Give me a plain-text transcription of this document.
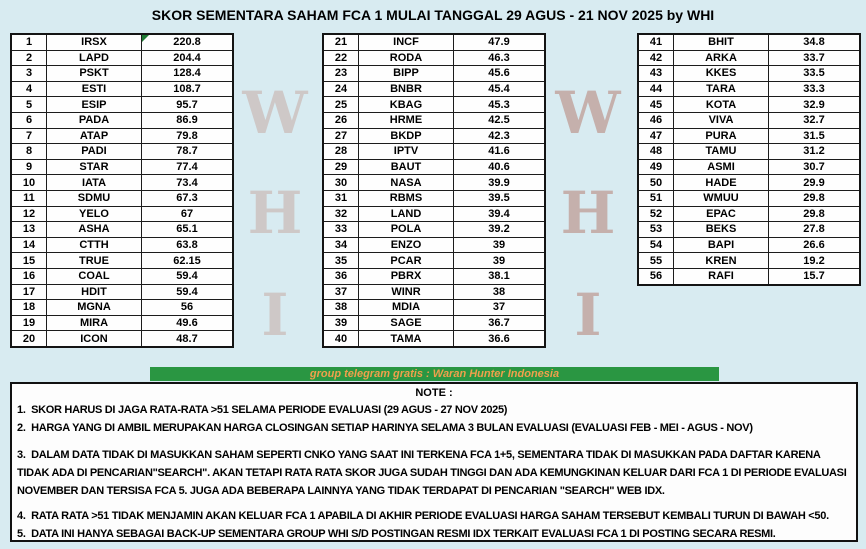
SKOR SEMENTARA SAHAM FCA 1 MULAI TANGGAL 29 AGUS - 21 NOV 2025 by WHI
W
H
I
W
H
I
1	IRSX	220.8

2	LAPD	204.4
3	PSKT	128.4
4	ESTI	108.7
5	ESIP	95.7
6	PADA	86.9
7	ATAP	79.8
8	PADI	78.7
9	STAR	77.4
10	IATA	73.4
11	SDMU	67.3
12	YELO	67
13	ASHA	65.1
14	CTTH	63.8
15	TRUE	62.15
16	COAL	59.4
17	HDIT	59.4
18	MGNA	56
19	MIRA	49.6
20	ICON	48.7
21	INCF	47.9
22	RODA	46.3
23	BIPP	45.6
24	BNBR	45.4
25	KBAG	45.3
26	HRME	42.5
27	BKDP	42.3
28	IPTV	41.6
29	BAUT	40.6
30	NASA	39.9
31	RBMS	39.5
32	LAND	39.4
33	POLA	39.2
34	ENZO	39
35	PCAR	39
36	PBRX	38.1
37	WINR	38
38	MDIA	37
39	SAGE	36.7
40	TAMA	36.6
41	BHIT	34.8
42	ARKA	33.7
43	KKES	33.5
44	TARA	33.3
45	KOTA	32.9
46	VIVA	32.7
47	PURA	31.5
48	TAMU	31.2
49	ASMI	30.7
50	HADE	29.9
51	WMUU	29.8
52	EPAC	29.8
53	BEKS	27.8
54	BAPI	26.6
55	KREN	19.2
56	RAFI	15.7
group telegram gratis : Waran Hunter Indonesia

NOTE :

1.  SKOR HARUS DI JAGA RATA-RATA >51 SELAMA PERIODE EVALUASI (29 AGUS - 27 NOV 2025)

2.  HARGA YANG DI AMBIL MERUPAKAN HARGA CLOSINGAN SETIAP HARINYA SELAMA 3 BULAN EVALUASI (EVALUASI FEB - MEI - AGUS - NOV)

3.  DALAM DATA TIDAK DI MASUKKAN SAHAM SEPERTI CNKO YANG SAAT INI TERKENA FCA 1+5, SEMENTARA TIDAK DI MASUKKAN PADA DAFTAR KARENA TIDAK ADA DI PENCARIAN"SEARCH". AKAN TETAPI RATA RATA SKOR JUGA SUDAH TINGGI DAN ADA KEMUNGKINAN KELUAR DARI FCA 1 DI PERIODE EVALUASI NOVEMBER DAN TERSISA FCA 5. JUGA ADA BEBERAPA LAINNYA YANG TIDAK TERDAPAT DI PENCARIAN "SEARCH" WEB IDX.

4.  RATA RATA >51 TIDAK MENJAMIN AKAN KELUAR FCA 1 APABILA DI AKHIR PERIODE EVALUASI HARGA SAHAM TERSEBUT KEMBALI TURUN DI BAWAH <50.

5.  DATA INI HANYA SEBAGAI BACK-UP SEMENTARA GROUP WHI S/D POSTINGAN RESMI IDX TERKAIT EVALUASI FCA 1 DI POSTING SECARA RESMI.
